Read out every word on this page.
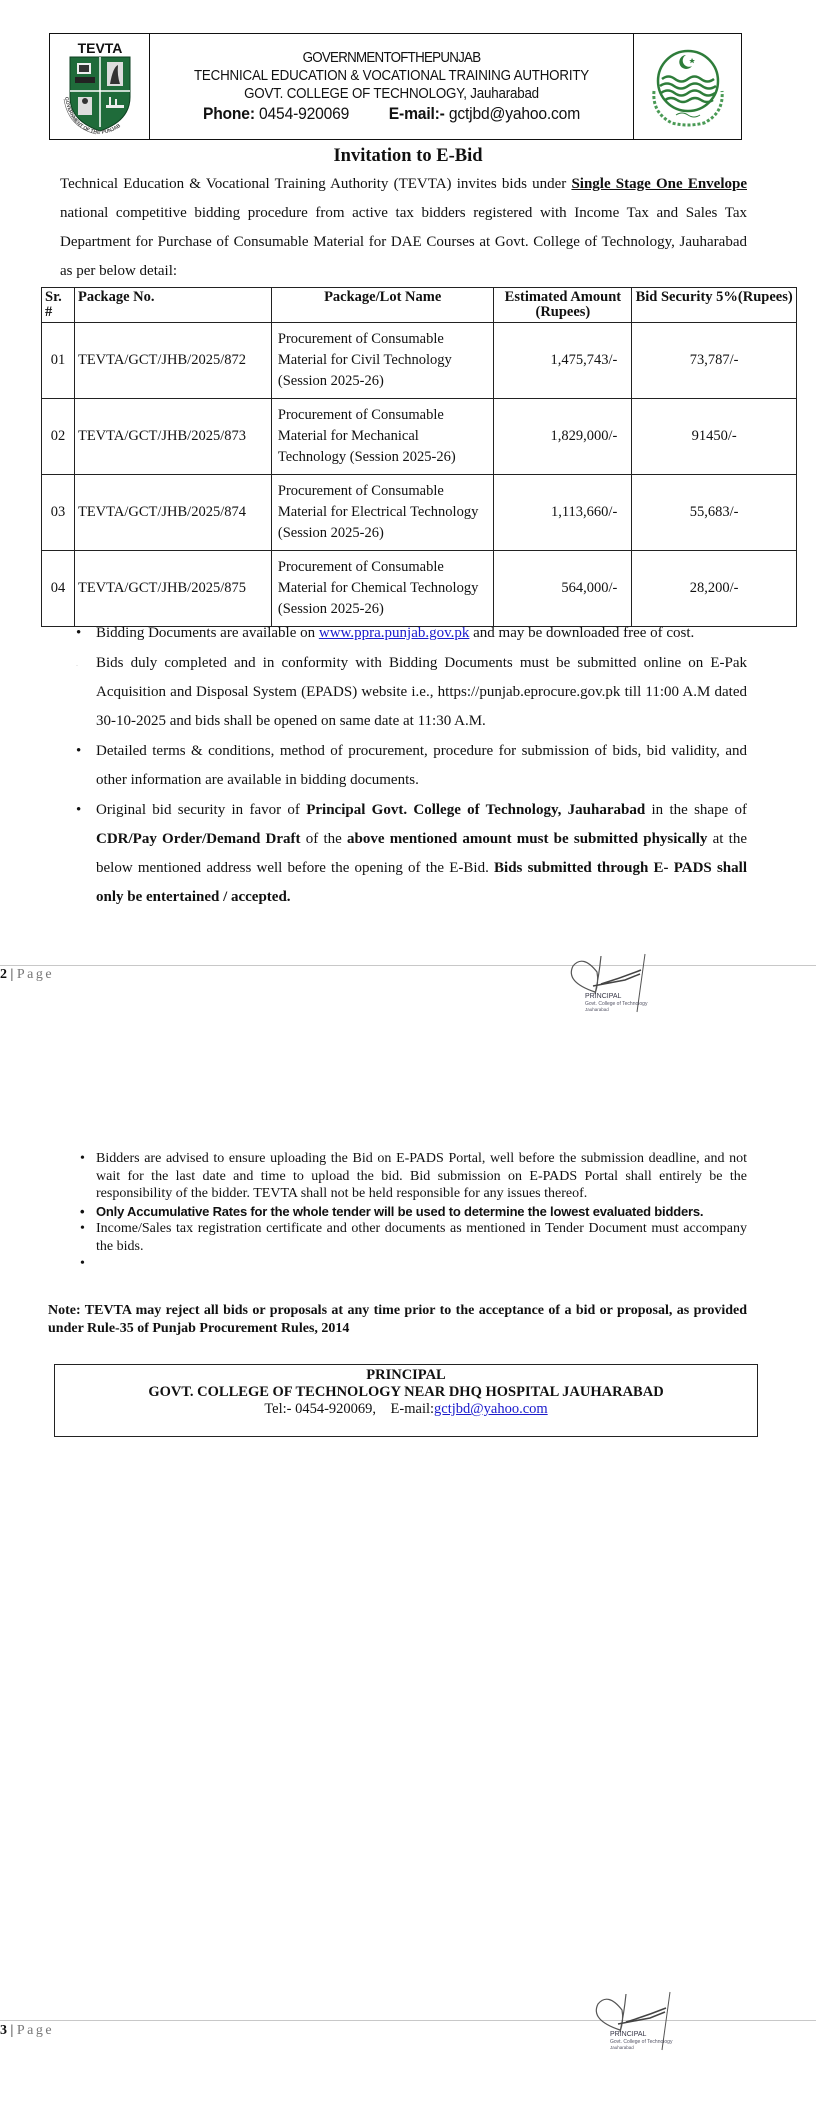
TEVTA
GOVERNMENT OF THE PUNJAB
GOVERNMENTOFTHEPUNJAB
TECHNICAL EDUCATION & VOCATIONAL TRAINING AUTHORITY
GOVT. COLLEGE OF TECHNOLOGY, Jauharabad
Phone: 0454-920069 E-mail:- gctjbd@yahoo.com
Invitation to E-Bid
Technical Education & Vocational Training Authority (TEVTA) invites bids under Single Stage One Envelope national competitive bidding procedure from active tax bidders registered with Income Tax and Sales Tax Department for Purchase of Consumable Material for DAE Courses at Govt. College of Technology, Jauharabad as per below detail:
Sr. #	Package No.	Package/Lot Name	Estimated Amount (Rupees)	Bid Security 5%(Rupees)
01	TEVTA/GCT/JHB/2025/872	Procurement of Consumable Material for Civil Technology (Session 2025-26)	1,475,743/-	73,787/-
02	TEVTA/GCT/JHB/2025/873	Procurement of Consumable Material for Mechanical Technology (Session 2025-26)	1,829,000/-	91450/-
03	TEVTA/GCT/JHB/2025/874	Procurement of Consumable Material for Electrical Technology (Session 2025-26)	1,113,660/-	55,683/-
04	TEVTA/GCT/JHB/2025/875	Procurement of Consumable Material for Chemical Technology (Session 2025-26)	564,000/-	28,200/-
• Bidding Documents are available on www.ppra.punjab.gov.pk and may be downloaded free of cost.
. Bids duly completed and in conformity with Bidding Documents must be submitted online on E-Pak Acquisition and Disposal System (EPADS) website i.e., https://punjab.eprocure.gov.pk till 11:00 A.M dated 30-10-2025 and bids shall be opened on same date at 11:30 A.M.
• Detailed terms & conditions, method of procurement, procedure for submission of bids, bid validity, and other information are available in bidding documents.
• Original bid security in favor of Principal Govt. College of Technology, Jauharabad in the shape of CDR/Pay Order/Demand Draft of the above mentioned amount must be submitted physically at the below mentioned address well before the opening of the E-Bid. Bids submitted through E- PADS shall only be entertained / accepted.
2 | Page
PRINCIPAL
Govt. College of Technology
Jauharabad
• Bidders are advised to ensure uploading the Bid on E-PADS Portal, well before the submission deadline, and not wait for the last date and time to upload the bid. Bid submission on E-PADS Portal shall entirely be the responsibility of the bidder. TEVTA shall not be held responsible for any issues thereof.
• Only Accumulative Rates for the whole tender will be used to determine the lowest evaluated bidders.
• Income/Sales tax registration certificate and other documents as mentioned in Tender Document must accompany the bids.
•
Note: TEVTA may reject all bids or proposals at any time prior to the acceptance of a bid or proposal, as provided under Rule-35 of Punjab Procurement Rules, 2014
PRINCIPAL
GOVT. COLLEGE OF TECHNOLOGY NEAR DHQ HOSPITAL JAUHARABAD
Tel:- 0454-920069,    E-mail:gctjbd@yahoo.com
3 | Page	PRINCIPAL
Govt. College of Technology
Jauharabad
